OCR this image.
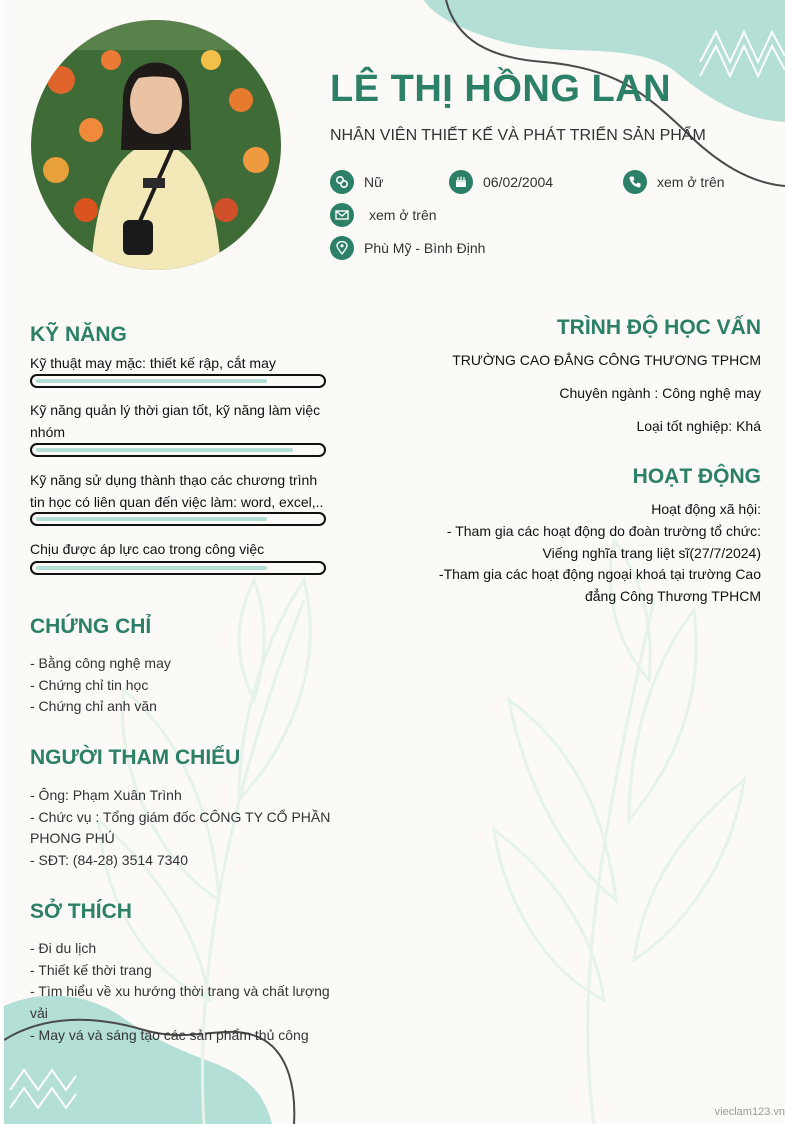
LÊ THỊ HỒNG LAN
NHÂN VIÊN THIẾT KẾ VÀ PHÁT TRIỂN SẢN PHẨM
Nữ	06/02/2004	xem ở trên
xem ở trên
Phù Mỹ - Bình Định
KỸ NĂNG
Kỹ thuật may mặc: thiết kế rập, cắt may
Kỹ năng quản lý thời gian tốt, kỹ năng làm việc nhóm
Kỹ năng sử dụng thành thạo các chương trình tin học có liên quan đến việc làm: word, excel,..
Chịu được áp lực cao trong công việc
CHỨNG CHỈ
- Bằng công nghệ may
- Chứng chỉ tin học
- Chứng chỉ anh văn
NGƯỜI THAM CHIẾU
- Ông: Phạm Xuân Trình
- Chức vụ : Tổng giám đốc CÔNG TY CỔ PHẦN PHONG PHÚ
- SĐT: (84-28) 3514 7340
SỞ THÍCH
- Đi du lịch
- Thiết kế thời trang
- Tìm hiểu về xu hướng thời trang và chất lượng vải
- May vá và sáng tạo các sản phẩm thủ công
TRÌNH ĐỘ HỌC VẤN
TRƯỜNG CAO ĐẲNG CÔNG THƯƠNG TPHCM
Chuyên ngành : Công nghệ may
Loại tốt nghiệp: Khá
HOẠT ĐỘNG
Hoạt động xã hội:
- Tham gia các hoạt động do đoàn trường tổ chức: Viếng nghĩa trang liệt sĩ(27/7/2024)
-Tham gia các hoạt động ngoại khoá tại trường Cao đẳng Công Thương TPHCM
vieclam123.vn
